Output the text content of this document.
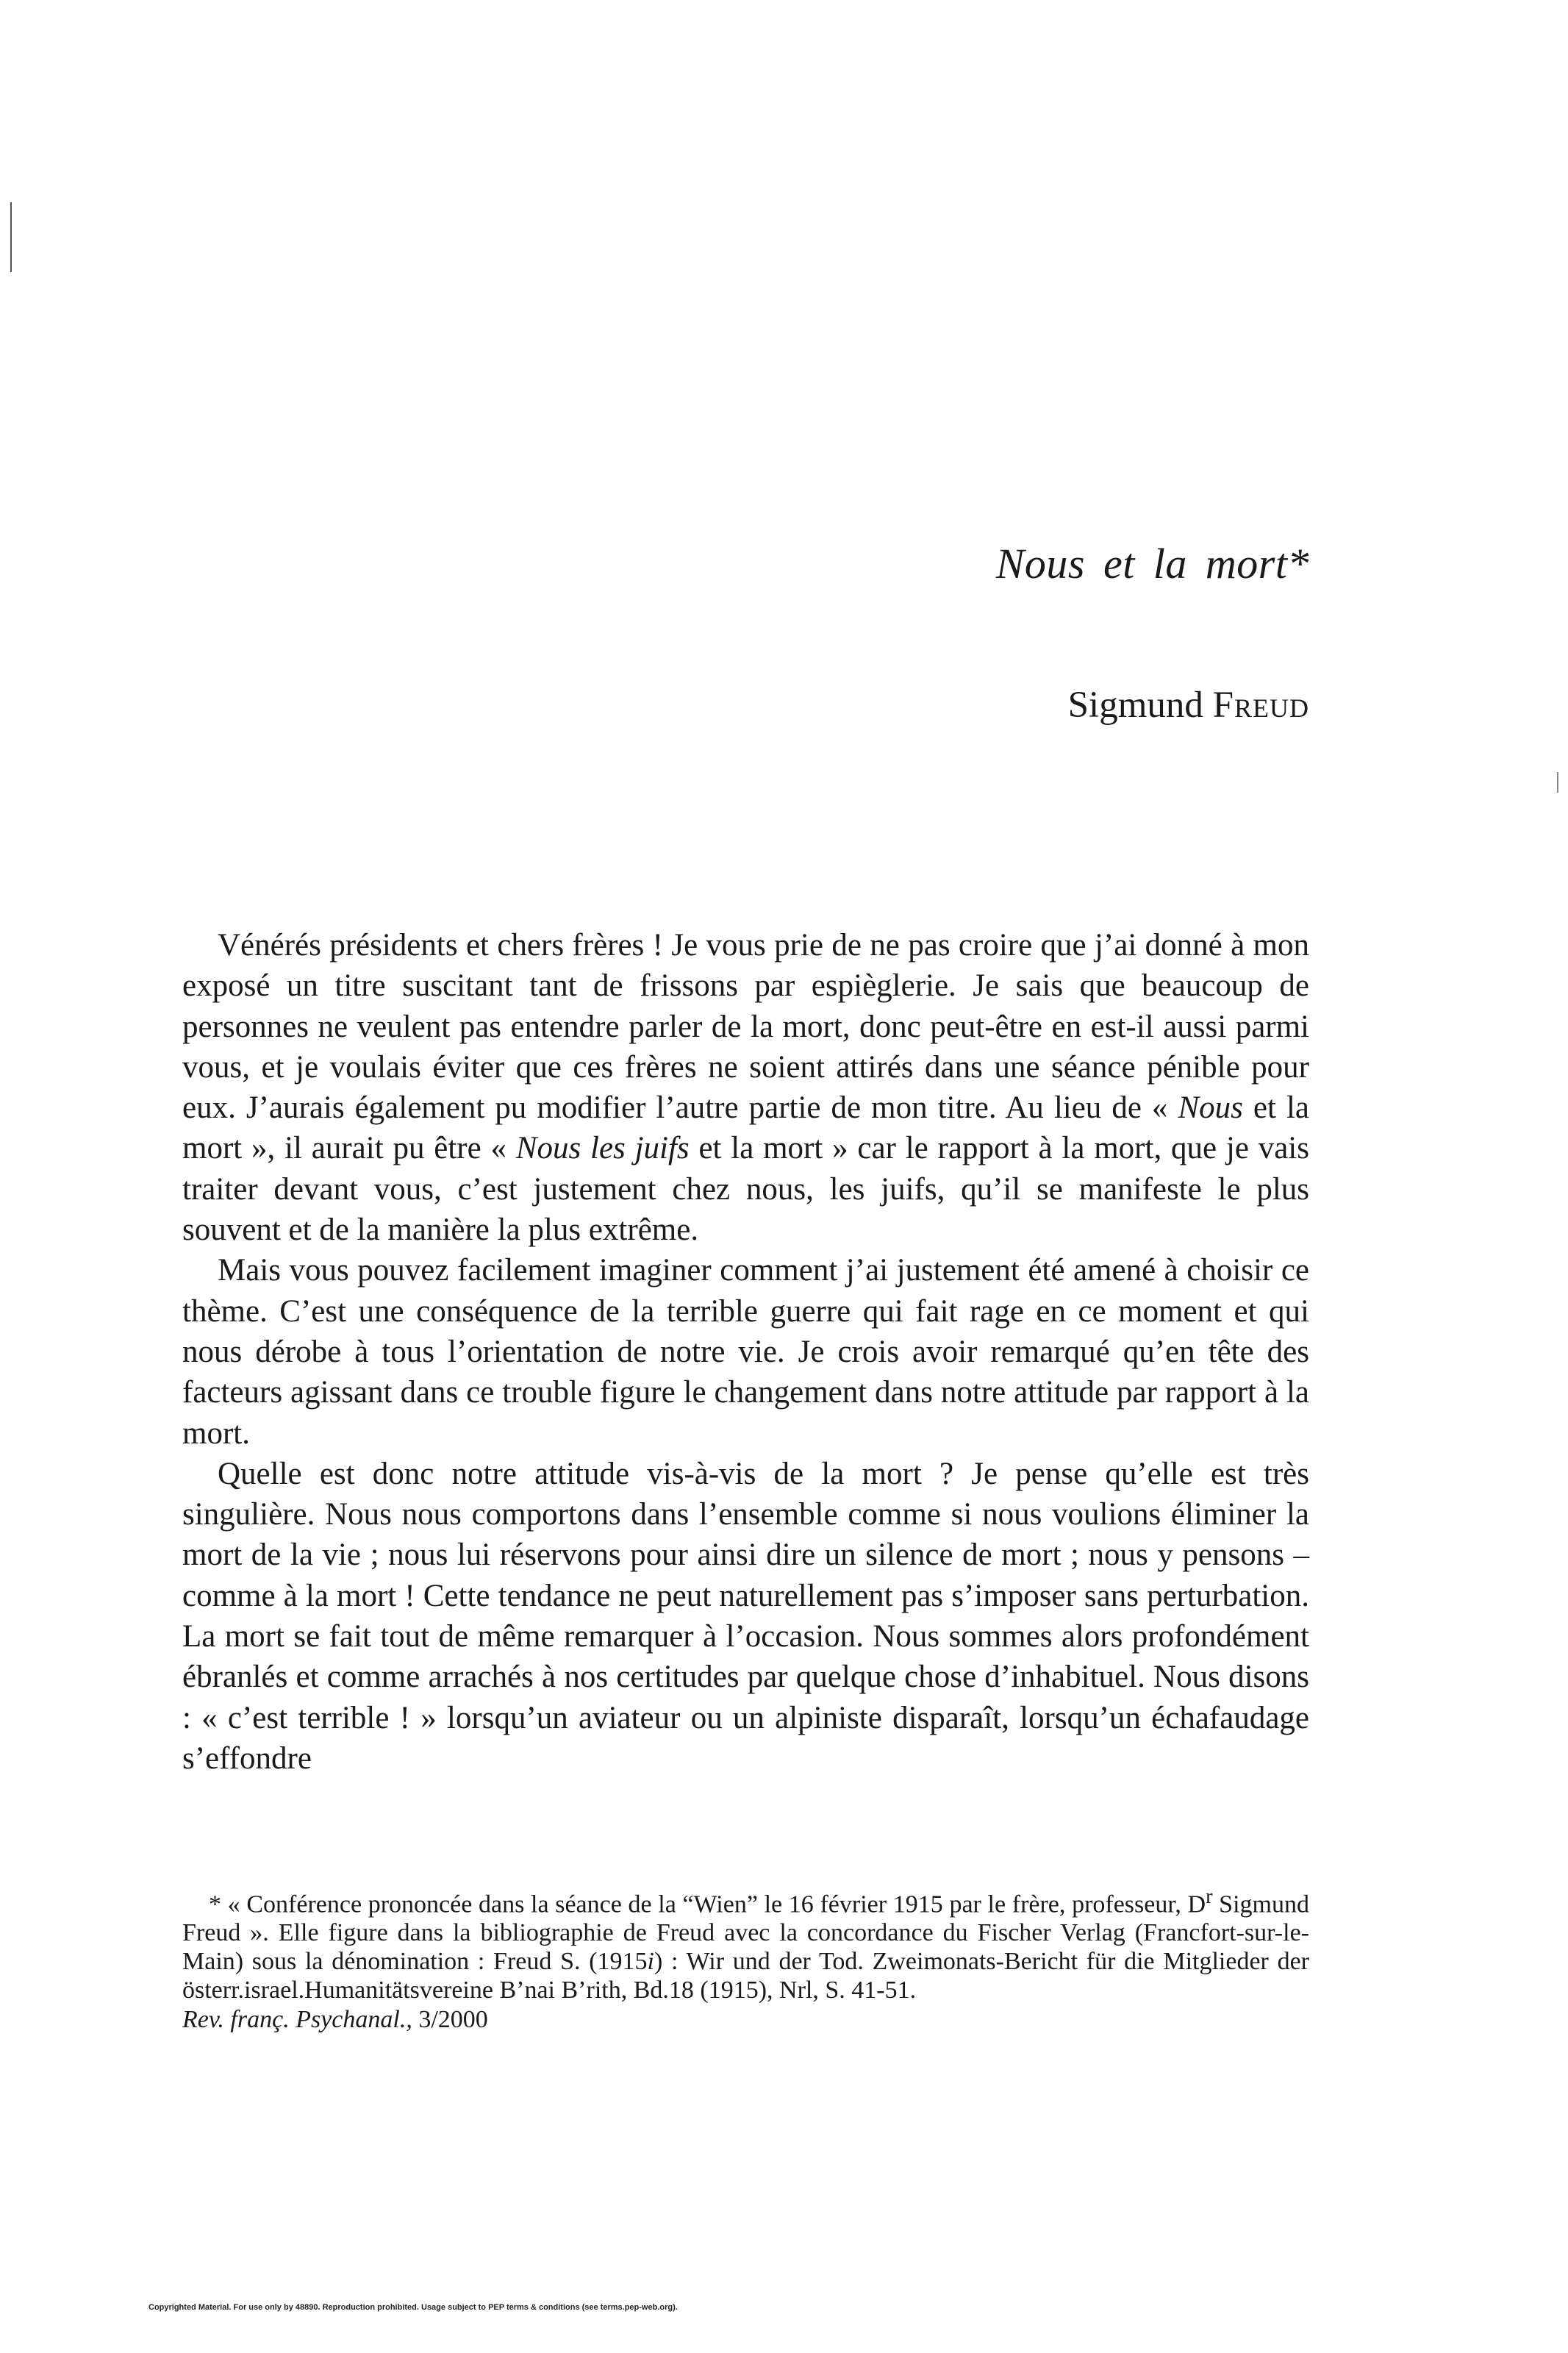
Nous et la mort*

Sigmund Freud

Vénérés présidents et chers frères ! Je vous prie de ne pas croire que j’ai donné à mon exposé un titre suscitant tant de frissons par espièglerie. Je sais que beaucoup de personnes ne veulent pas entendre parler de la mort, donc peut-être en est-il aussi parmi vous, et je voulais éviter que ces frères ne soient attirés dans une séance pénible pour eux. J’aurais également pu modifier l’autre partie de mon titre. Au lieu de « Nous et la mort », il aurait pu être « Nous les juifs et la mort » car le rapport à la mort, que je vais traiter devant vous, c’est justement chez nous, les juifs, qu’il se manifeste le plus souvent et de la manière la plus extrême.

Mais vous pouvez facilement imaginer comment j’ai justement été amené à choisir ce thème. C’est une conséquence de la terrible guerre qui fait rage en ce moment et qui nous dérobe à tous l’orientation de notre vie. Je crois avoir remarqué qu’en tête des facteurs agissant dans ce trouble figure le changement dans notre attitude par rapport à la mort.

Quelle est donc notre attitude vis-à-vis de la mort ? Je pense qu’elle est très singulière. Nous nous comportons dans l’ensemble comme si nous voulions éliminer la mort de la vie ; nous lui réservons pour ainsi dire un silence de mort ; nous y pensons – comme à la mort ! Cette tendance ne peut naturellement pas s’imposer sans perturbation. La mort se fait tout de même remarquer à l’occasion. Nous sommes alors profondément ébranlés et comme arrachés à nos certitudes par quelque chose d’inhabituel. Nous disons : « c’est terrible ! » lorsqu’un aviateur ou un alpiniste disparaît, lorsqu’un échafaudage s’effondre

* « Conférence prononcée dans la séance de la “Wien” le 16 février 1915 par le frère, professeur, $D^r$ Sigmund Freud ». Elle figure dans la bibliographie de Freud avec la concordance du Fischer Verlag (Francfort-sur-le-Main) sous la dénomination : Freud S. (1915i) : Wir und der Tod. Zweimonats-Bericht für die Mitglieder der österr.israel.Humanitätsvereine B’nai B’rith, Bd.18 (1915), Nrl, S. 41-51.

Rev. franç. Psychanal., 3/2000

Copyrighted Material. For use only by 48890. Reproduction prohibited. Usage subject to PEP terms & conditions (see terms.pep-web.org).
